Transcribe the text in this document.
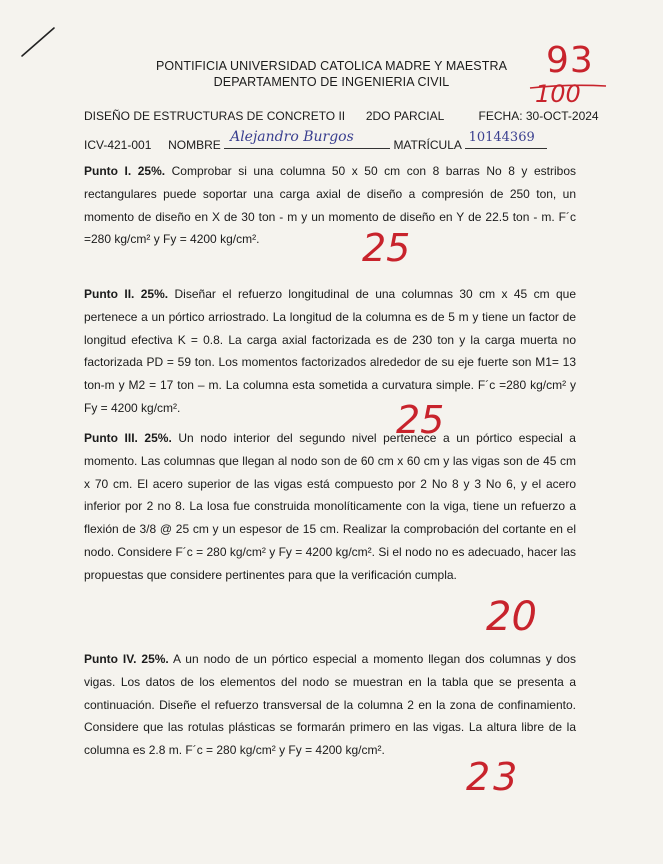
PONTIFICIA UNIVERSIDAD CATOLICA MADRE Y MAESTRA
DEPARTAMENTO DE INGENIERIA CIVIL
93
100
DISEÑO DE ESTRUCTURAS DE CONCRETO II 2DO PARCIAL	FECHA: 30-OCT-2024
ICV-421-001 NOMBRE Alejandro Burgos	MATRÍCULA 10144369
Punto I. 25%. Comprobar si una columna 50 x 50 cm con 8 barras No 8 y estribos rectangulares puede soportar una carga axial de diseño a compresión de 250 ton, un momento de diseño en X de 30 ton - m y un momento de diseño en Y de 22.5 ton - m. F´c =280 kg/cm² y Fy = 4200 kg/cm².	25
Punto II. 25%. Diseñar el refuerzo longitudinal de una columnas 30 cm x 45 cm que pertenece a un pórtico arriostrado. La longitud de la columna es de 5 m y tiene un factor de longitud efectiva K = 0.8. La carga axial factorizada es de 230 ton y la carga muerta no factorizada PD = 59 ton. Los momentos factorizados alrededor de su eje fuerte son M1= 13 ton-m y M2 = 17 ton – m. La columna esta sometida a curvatura simple. F´c =280 kg/cm² y Fy = 4200 kg/cm².	25
Punto III. 25%. Un nodo interior del segundo nivel pertenece a un pórtico especial a momento. Las columnas que llegan al nodo son de 60 cm x 60 cm y las vigas son de 45 cm x 70 cm. El acero superior de las vigas está compuesto por 2 No 8 y 3 No 6, y el acero inferior por 2 no 8. La losa fue construida monolíticamente con la viga, tiene un refuerzo a flexión de 3/8 @ 25 cm y un espesor de 15 cm. Realizar la comprobación del cortante en el nodo. Considere F´c = 280 kg/cm² y Fy = 4200 kg/cm². Si el nodo no es adecuado, hacer las propuestas que considere pertinentes para que la verificación cumpla.
20
Punto IV. 25%. A un nodo de un pórtico especial a momento llegan dos columnas y dos vigas. Los datos de los elementos del nodo se muestran en la tabla que se presenta a continuación. Diseñe el refuerzo transversal de la columna 2 en la zona de confinamiento. Considere que las rotulas plásticas se formarán primero en las vigas. La altura libre de la columna es 2.8 m. F´c = 280 kg/cm² y Fy = 4200 kg/cm².
23
